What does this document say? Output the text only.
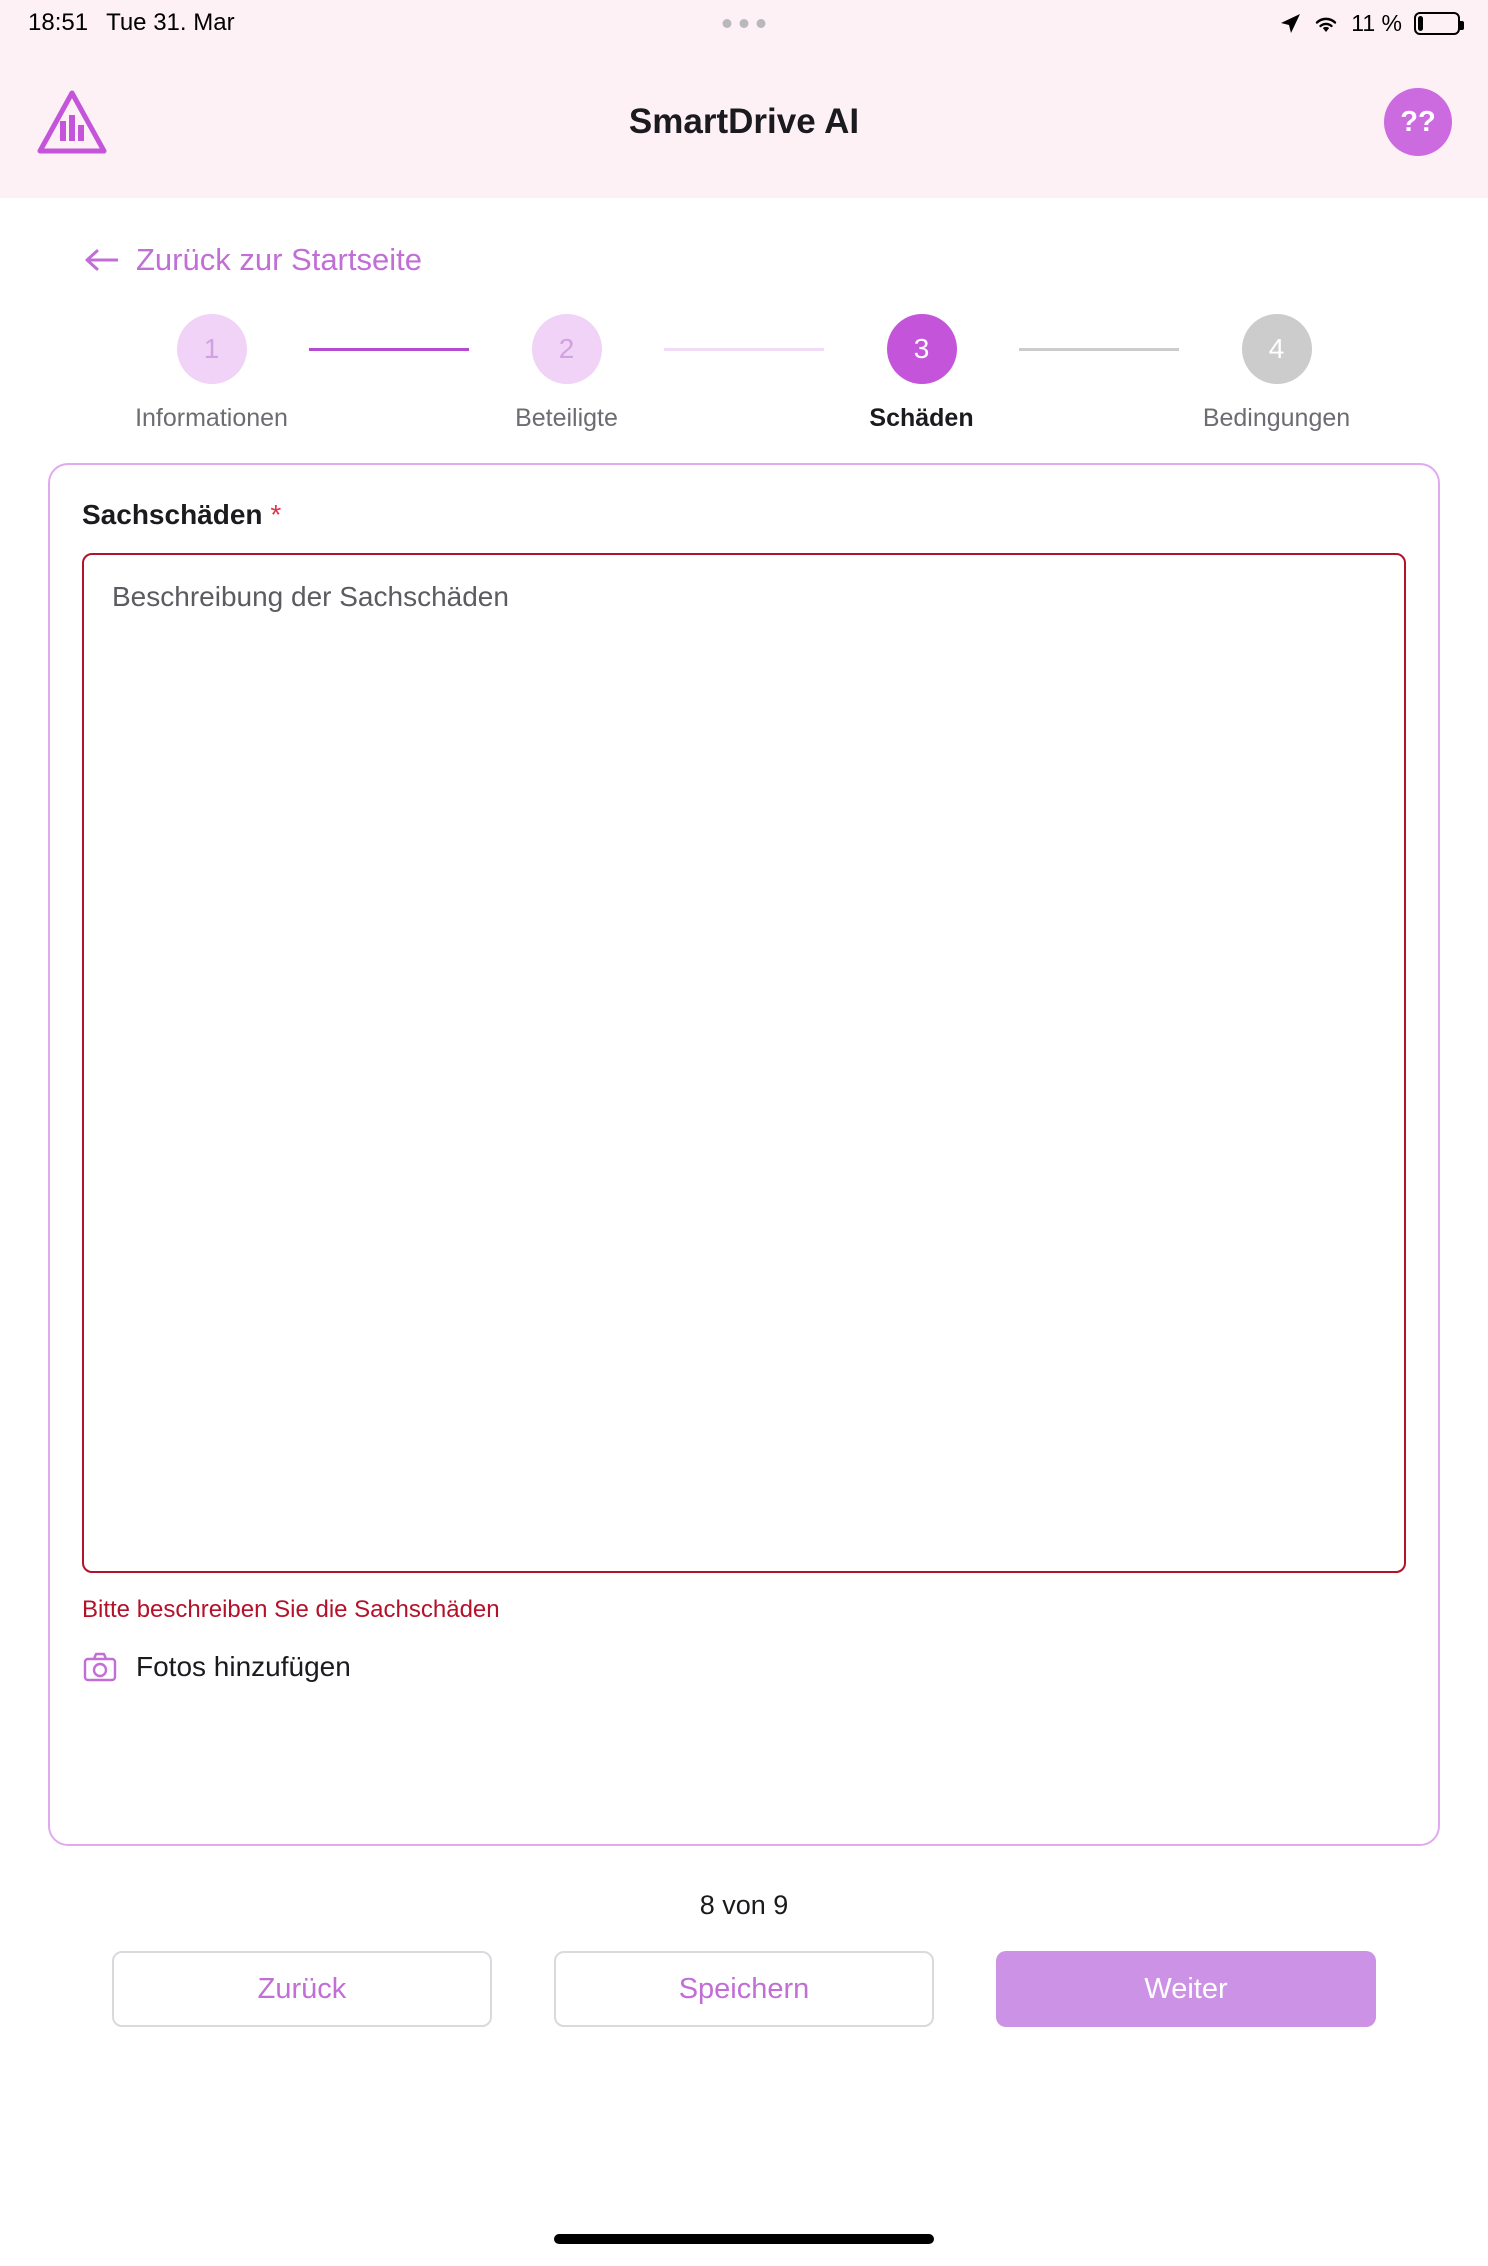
18:51 Tue 31. Mar	11 %
SmartDrive AI	??
Zurück zur Startseite
1
Informationen
2
Beteiligte
3
Schäden
4
Bedingungen
Sachschäden *
Beschreibung der Sachschäden
Bitte beschreiben Sie die Sachschäden
Fotos hinzufügen
8 von 9
Zurück	Speichern	Weiter
